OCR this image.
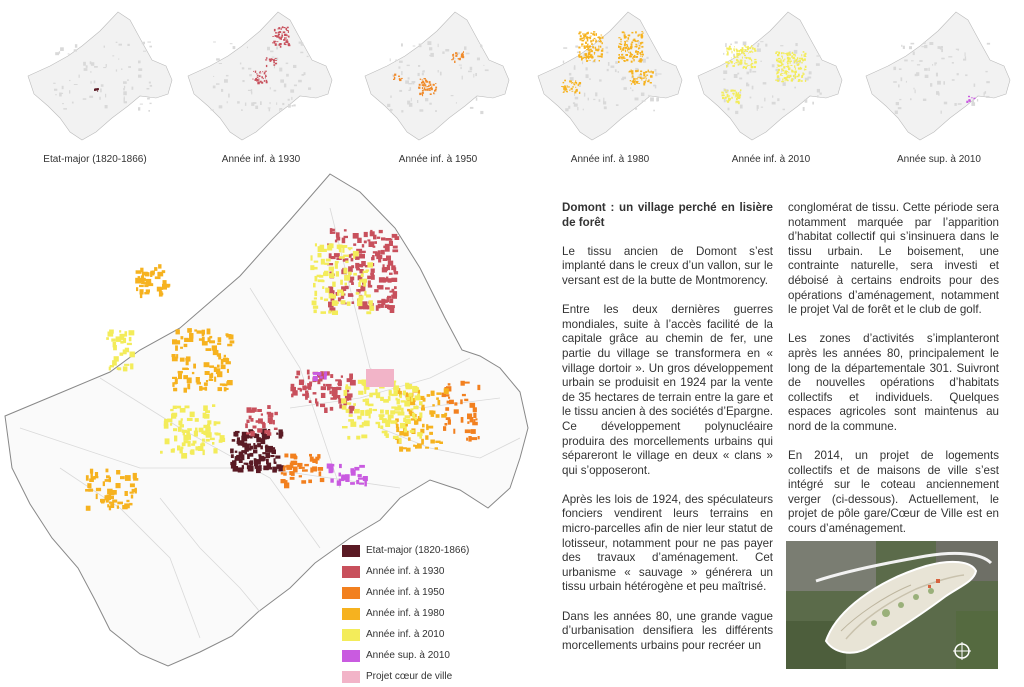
Etat-major (1820-1866)	Année inf. à 1930	Année inf. à 1950	Année inf. à 1980	Année inf. à 2010	Année sup. à 2010
Etat-major (1820-1866)
Année inf. à 1930
Année inf. à 1950
Année inf. à 1980
Année inf. à 2010
Année sup. à 2010
Projet cœur de ville
Domont : un village perché en lisière de forêt

Le tissu ancien de Domont s’est implanté dans le creux d’un vallon, sur le versant est de la butte de Montmorency.

Entre les deux dernières guerres mondiales, suite à l’accès facilité de la capitale grâce au chemin de fer, une partie du village se transformera en « village dortoir ». Un gros développement urbain se produisit en 1924 par la vente de 35 hectares de terrain entre la gare et le tissu ancien à des sociétés d’Epargne. Ce développement polynucléaire produira des morcellements urbains qui sépareront le village en deux « clans » qui s’opposeront.

Après les lois de 1924, des spéculateurs fonciers vendirent leurs terrains en micro-parcelles afin de nier leur statut de lotisseur, notamment pour ne pas payer des travaux d’aménagement. Cet urbanisme « sauvage » générera un tissu urbain hétérogène et peu maîtrisé.

Dans les années 80, une grande vague d’urbanisation densifiera les différents morcellements urbains pour recréer un

conglomérat de tissu. Cette période sera notamment marquée par l’apparition d’habitat collectif qui s’insinuera dans le tissu urbain. Le boisement, une contrainte naturelle, sera investi et déboisé à certains endroits pour des opérations d’aménagement, notamment le projet Val de forêt et le club de golf.

Les zones d’activités s’implanteront après les années 80, principalement le long de la départementale 301. Suivront de nouvelles opérations d’habitats collectifs et individuels. Quelques espaces agricoles sont maintenus au nord de la commune.

En 2014, un projet de logements collectifs et de maisons de ville s’est intégré sur le coteau anciennement verger (ci-dessous). Actuellement, le projet de pôle gare/Cœur de Ville est en cours d’aménagement.
